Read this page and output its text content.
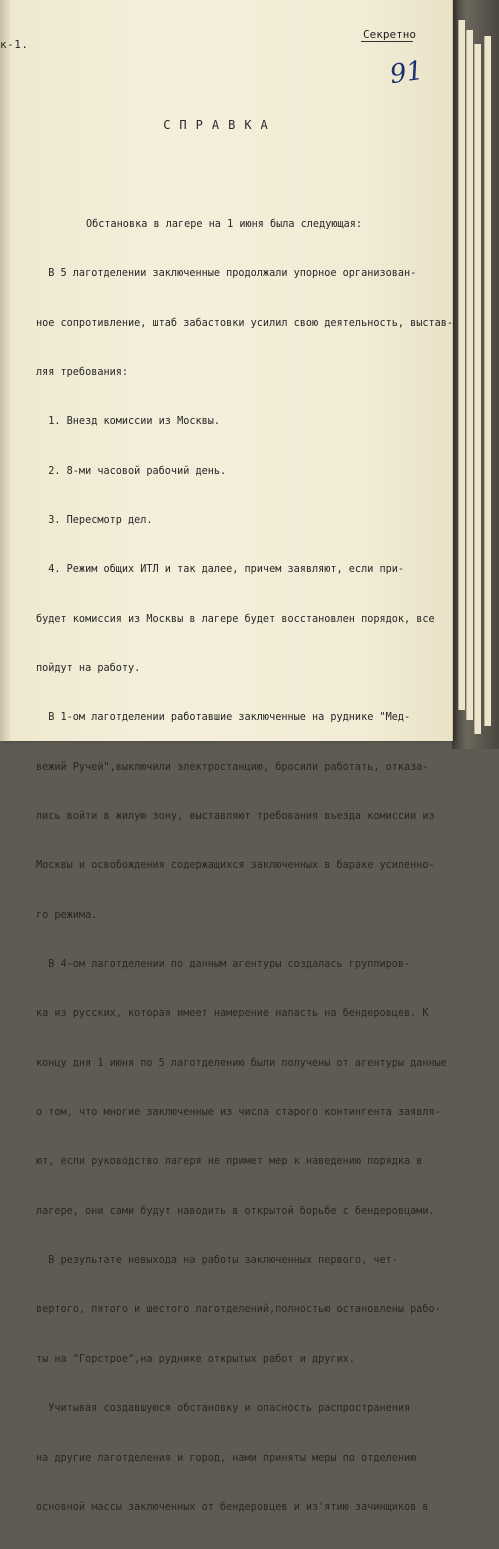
к-1.
Секретно
91
СПРАВКА

Обстановка в лагере на 1 июня была следующая:

В 5 лаготделении заключенные продолжали упорное организован-

ное сопротивление, штаб забастовки усилил свою деятельность, выстав-

ляя требования:

1. Внезд комиссии из Москвы.

2. 8-ми часовой рабочий день.

3. Пересмотр дел.

4. Режим общих ИТЛ и так далее, причем заявляют, если при-

будет комиссия из Москвы в лагере будет восстановлен порядок, все

пойдут на работу.

В 1-ом лаготделении работавшие заключенные на руднике "Мед-

вежий Ручей",выключили электростанцию, бросили работать, отказа-

лись войти в жилую зону, выставляют требования въезда комиссии из

Москвы и освобождения содержащихся заключенных в бараке усиленно-

го режима.

В 4-ом лаготделении по данным агентуры создалась группиров-

ка из русских, которая имеет намерение напасть на бендеровцев. К

концу дня 1 июня по 5 лаготделению были получены от агентуры данные

о том, что многие заключенные из числа старого контингента заявля-

ют, если руководство лагеря не примет мер к наведению порядка в

лагере, они сами будут наводить в открытой борьбе с бендеровцами.

В результате невыхода на работы заключенных первого, чет-

вертого, пятого и шестого лаготделений,полностью остановлены рабо-

ты на "Горстрое",на руднике открытых работ и других.

Учитывая создавшуюся обстановку и опасность распространения

на другие лаготделения и город, нами приняты меры по отделению

основной массы заключенных от бендеровцев и из'ятию зачинщиков в
